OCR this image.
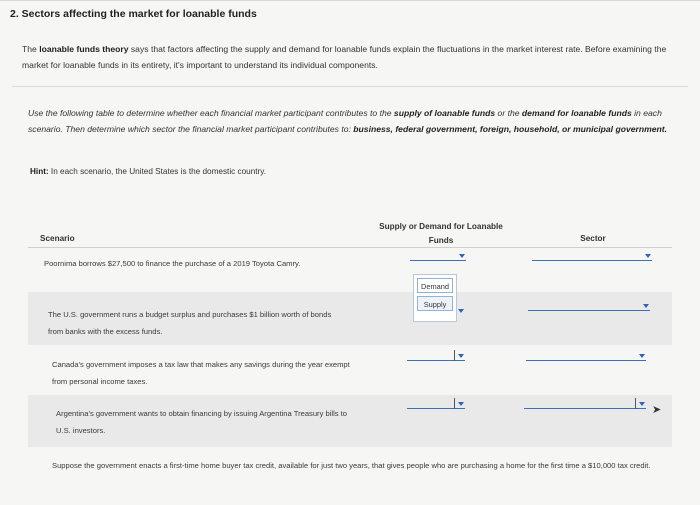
2. Sectors affecting the market for loanable funds
The loanable funds theory says that factors affecting the supply and demand for loanable funds explain the fluctuations in the market interest rate. Before examining the market for loanable funds in its entirety, it's important to understand its individual components.
Use the following table to determine whether each financial market participant contributes to the supply of loanable funds or the demand for loanable funds in each scenario. Then determine which sector the financial market participant contributes to: business, federal government, foreign, household, or municipal government.
Hint: In each scenario, the United States is the domestic country.
Scenario
Supply or Demand for Loanable
Funds	Sector
Poornima borrows $27,500 to finance the purchase of a 2019 Toyota Camry.
The U.S. government runs a budget surplus and purchases $1 billion worth of bonds from banks with the excess funds.
Canada's government imposes a tax law that makes any savings during the year exempt from personal income taxes.
Argentina's government wants to obtain financing by issuing Argentina Treasury bills to U.S. investors.
Demand
Supply
➤
Suppose the government enacts a first-time home buyer tax credit, available for just two years, that gives people who are purchasing a home for the first time a $10,000 tax credit.
